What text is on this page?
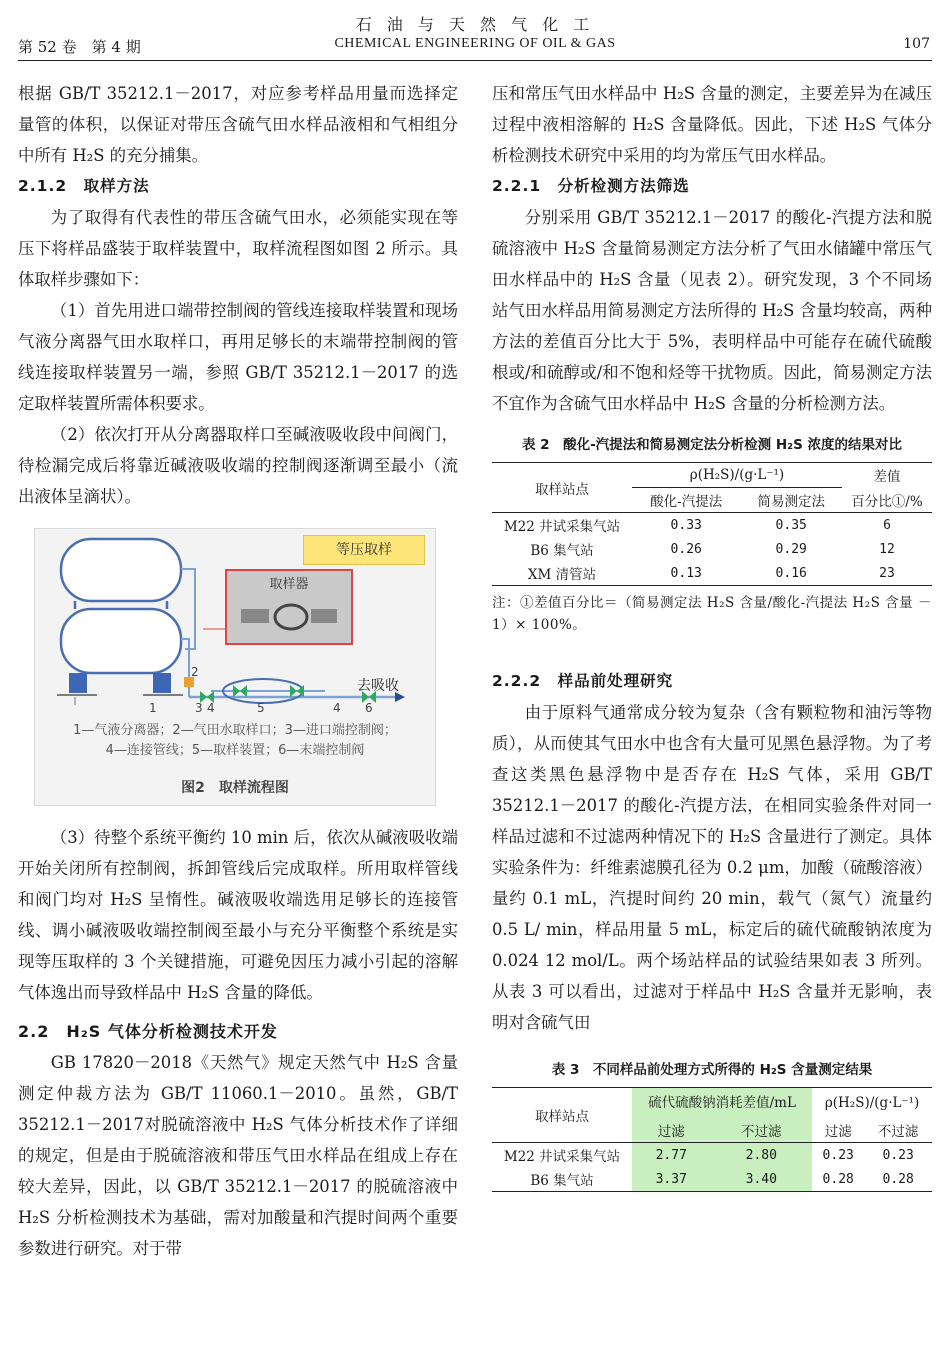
石 油 与 天 然 气 化 工
第 52 卷　第 4 期	CHEMICAL ENGINEERING OF OIL & GAS	107

根据 GB/T 35212.1－2017，对应参考样品用量而选择定量管的体积，以保证对带压含硫气田水样品液相和气相组分中所有 H₂S 的充分捕集。

2.1.2　取样方法

为了取得有代表性的带压含硫气田水，必须能实现在等压下将样品盛装于取样装置中，取样流程图如图 2 所示。具体取样步骤如下：

（1）首先用进口端带控制阀的管线连接取样装置和现场气液分离器气田水取样口，再用足够长的末端带控制阀的管线连接取样装置另一端，参照 GB/T 35212.1－2017 的选定取样装置所需体积要求。

（2）依次打开从分离器取样口至碱液吸收段中间阀门，待检漏完成后将靠近碱液吸收端的控制阀逐渐调至最小（流出液体呈滴状）。

等压取样
取样器
去吸收
1
2
3 4	5	4 6
1—气液分离器；2—气田水取样口；3—进口端控制阀；
4—连接管线；5—取样装置；6—末端控制阀
图2　取样流程图

（3）待整个系统平衡约 10 min 后，依次从碱液吸收端开始关闭所有控制阀，拆卸管线后完成取样。所用取样管线和阀门均对 H₂S 呈惰性。碱液吸收端选用足够长的连接管线、调小碱液吸收端控制阀至最小与充分平衡整个系统是实现等压取样的 3 个关键措施，可避免因压力减小引起的溶解气体逸出而导致样品中 H₂S 含量的降低。

2.2　H₂S 气体分析检测技术开发

GB 17820－2018《天然气》规定天然气中 H₂S 含量测定仲裁方法为 GB/T 11060.1－2010。虽然，GB/T 35212.1－2017对脱硫溶液中 H₂S 气体分析技术作了详细的规定，但是由于脱硫溶液和带压气田水样品在组成上存在较大差异，因此，以 GB/T 35212.1－2017 的脱硫溶液中 H₂S 分析检测技术为基础，需对加酸量和汽提时间两个重要参数进行研究。对于带

压和常压气田水样品中 H₂S 含量的测定，主要差异为在减压过程中液相溶解的 H₂S 含量降低。因此，下述 H₂S 气体分析检测技术研究中采用的均为常压气田水样品。

2.2.1　分析检测方法筛选

分别采用 GB/T 35212.1－2017 的酸化-汽提方法和脱硫溶液中 H₂S 含量简易测定方法分析了气田水储罐中常压气田水样品中的 H₂S 含量（见表 2）。研究发现，3 个不同场站气田水样品用简易测定方法所得的 H₂S 含量均较高，两种方法的差值百分比大于 5%，表明样品中可能存在硫代硫酸根或/和硫醇或/和不饱和烃等干扰物质。因此，简易测定方法不宜作为含硫气田水样品中 H₂S 含量的分析检测方法。

表 2　酸化-汽提法和简易测定法分析检测 H₂S 浓度的结果对比
取样站点	ρ(H₂S)/(g·L⁻¹)		差值
	酸化-汽提法	简易测定法	百分比①/%
M22 井试采集气站	0.33	0.35	6
B6 集气站	0.26	0.29	12
XM 清管站	0.13	0.16	23

注：①差值百分比＝（简易测定法 H₂S 含量/酸化-汽提法 H₂S 含量 － 1）× 100%。

2.2.2　样品前处理研究

由于原料气通常成分较为复杂（含有颗粒物和油污等物质），从而使其气田水中也含有大量可见黑色悬浮物。为了考查这类黑色悬浮物中是否存在 H₂S 气体，采用 GB/T 35212.1－2017 的酸化-汽提方法，在相同实验条件对同一样品过滤和不过滤两种情况下的 H₂S 含量进行了测定。具体实验条件为：纤维素滤膜孔径为 0.2 μm，加酸（硫酸溶液）量约 0.1 mL，汽提时间约 20 min，载气（氮气）流量约 0.5 L/ min，样品用量 5 mL，标定后的硫代硫酸钠浓度为 0.024 12 mol/L。两个场站样品的试验结果如表 3 所列。从表 3 可以看出，过滤对于样品中 H₂S 含量并无影响，表明对含硫气田

表 3　不同样品前处理方式所得的 H₂S 含量测定结果
取样站点	硫代硫酸钠消耗差值/mL		ρ(H₂S)/(g·L⁻¹)	
	过滤	不过滤	过滤	不过滤
M22 井试采集气站	2.77	2.80	0.23	0.23
B6 集气站	3.37	3.40	0.28	0.28
